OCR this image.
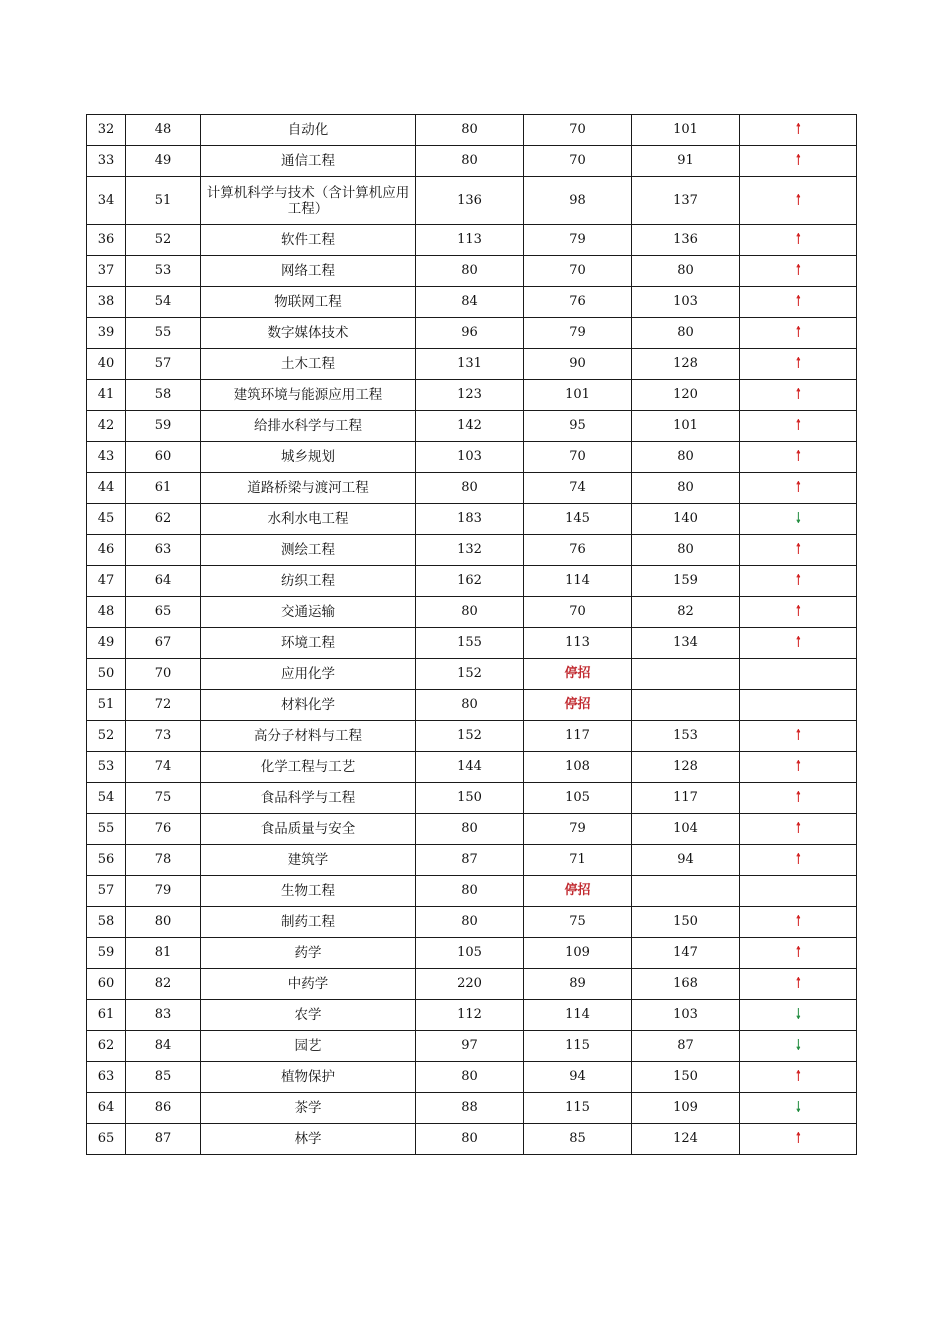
32	48	自动化	80	70	101	↑
33	49	通信工程	80	70	91	↑
34	51	计算机科学与技术（含计算机应用工程）	136	98	137	↑
36	52	软件工程	113	79	136	↑
37	53	网络工程	80	70	80	↑
38	54	物联网工程	84	76	103	↑
39	55	数字媒体技术	96	79	80	↑
40	57	土木工程	131	90	128	↑
41	58	建筑环境与能源应用工程	123	101	120	↑
42	59	给排水科学与工程	142	95	101	↑
43	60	城乡规划	103	70	80	↑
44	61	道路桥梁与渡河工程	80	74	80	↑
45	62	水利水电工程	183	145	140	↓
46	63	测绘工程	132	76	80	↑
47	64	纺织工程	162	114	159	↑
48	65	交通运输	80	70	82	↑
49	67	环境工程	155	113	134	↑
50	70	应用化学	152	停招		
51	72	材料化学	80	停招		
52	73	高分子材料与工程	152	117	153	↑
53	74	化学工程与工艺	144	108	128	↑
54	75	食品科学与工程	150	105	117	↑
55	76	食品质量与安全	80	79	104	↑
56	78	建筑学	87	71	94	↑
57	79	生物工程	80	停招		
58	80	制药工程	80	75	150	↑
59	81	药学	105	109	147	↑
60	82	中药学	220	89	168	↑
61	83	农学	112	114	103	↓
62	84	园艺	97	115	87	↓
63	85	植物保护	80	94	150	↑
64	86	茶学	88	115	109	↓
65	87	林学	80	85	124	↑
